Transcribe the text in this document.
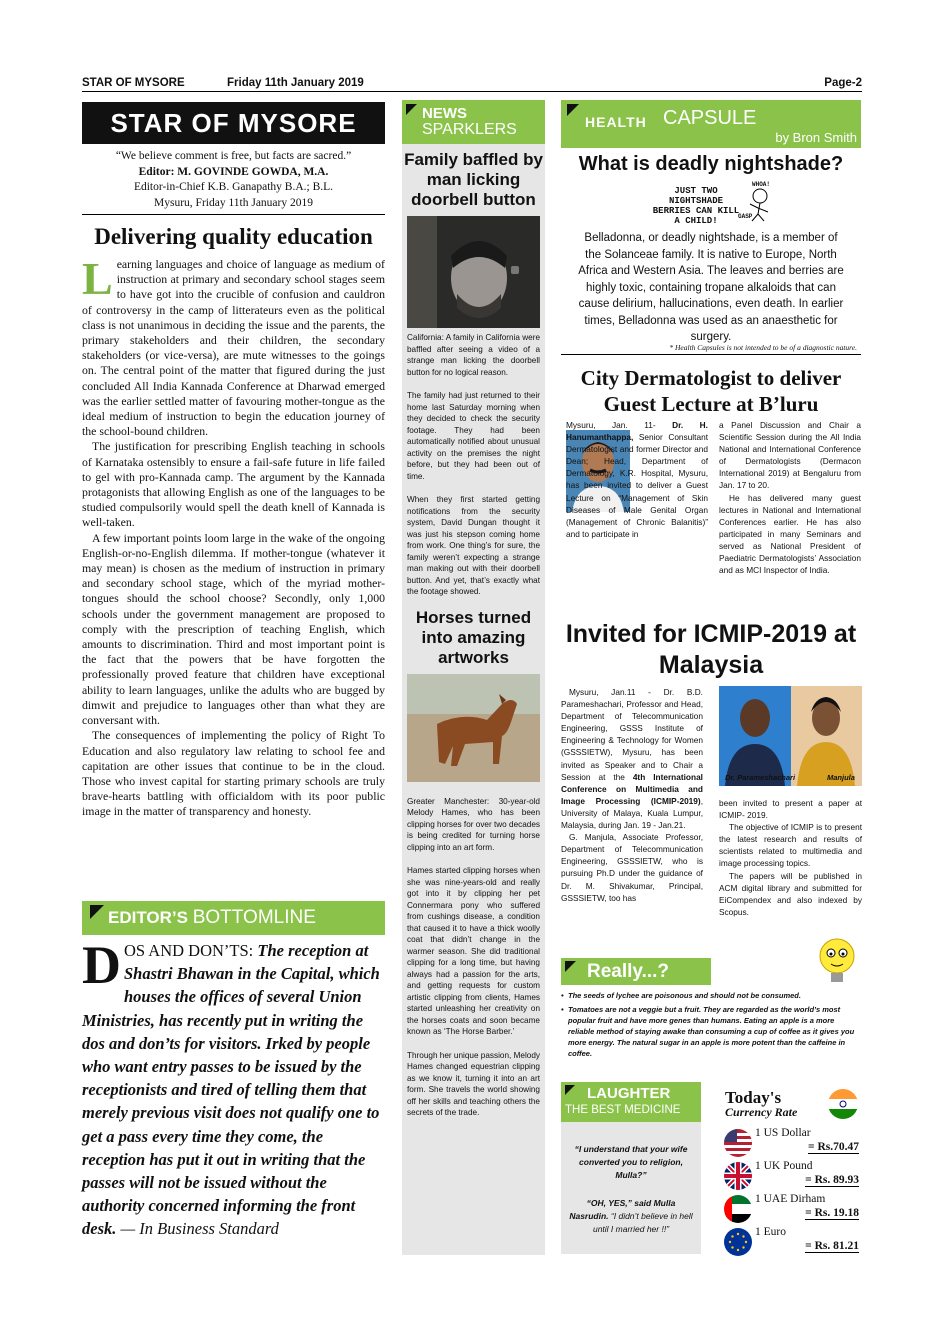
STAR OF MYSORE	Friday 11th January 2019	Page-2
STAR OF MYSORE
“We believe comment is free, but facts are sacred.”
Editor: M. GOVINDE GOWDA, M.A.
Editor-in-Chief K.B. Ganapathy B.A.; B.L.
Mysuru, Friday 11th January 2019
Delivering quality education

Learning languages and choice of language as medium of instruction at primary and secondary school stages seem to have got into the crucible of confusion and cauldron of controversy in the camp of litterateurs even as the political class is not unanimous in deciding the issue and the parents, the primary stakeholders and their children, the secondary stakeholders (or vice-versa), are mute witnesses to the goings on. The central point of the matter that figured during the just concluded All India Kannada Conference at Dharwad emerged was the earlier settled matter of favouring mother-tongue as the ideal medium of instruction to begin the education journey of the school-bound children.

The justification for prescribing English teaching in schools of Karnataka ostensibly to ensure a fail-safe future in life failed to gel with pro-Kannada camp. The argument by the Kannada protagonists that allowing English as one of the languages to be studied compulsorily would spell the death knell of Kannada is well-taken.

A few important points loom large in the wake of the ongoing English-or-no-English dilemma. If mother-tongue (whatever it may mean) is chosen as the medium of instruction in primary and secondary school stage, which of the myriad mother-tongues should the school choose? Secondly, only 1,000 schools under the government management are proposed to comply with the prescription of teaching English, which amounts to discrimination. Third and most important point is the fact that the powers that be have forgotten the professionally proved feature that children have exceptional ability to learn languages, unlike the adults who are bugged by dimwit and prejudice to languages other than what they are conversant with.

The consequences of implementing the policy of Right To Education and also regulatory law relating to school fee and capitation are other issues that continue to be in the cloud. Those who invest capital for starting primary schools are truly brave-hearts battling with officialdom with its poor public image in the matter of transparency and honesty.

EDITOR’S BOTTOMLINE
DOS AND DON’TS: The reception at Shastri Bhawan in the Capital, which houses the offices of several Union Ministries, has recently put in writing the dos and don’ts for visitors. Irked by people who want entry passes to be issued by the receptionists and tired of telling them that merely previous visit does not qualify one to get a pass every time they come, the reception has put it out in writing that the passes will not be issued without the authority concerned informing the front desk. — In Business Standard
NEWS
SPARKLERS
Family baffled by man licking doorbell button
California: A family in California were baffled after seeing a video of a strange man licking the doorbell button for no logical reason.
The family had just returned to their home last Saturday morning when they decided to check the security footage. They had been automatically notified about unusual activity on the premises the night before, but they had been out of time.
When they first started getting notifications from the security system, David Dungan thought it was just his stepson coming home from work. One thing’s for sure, the family weren’t expecting a strange man making out with their doorbell button. And yet, that’s exactly what the footage showed.
Horses turned into amazing artworks
Greater Manchester: 30-year-old Melody Hames, who has been clipping horses for over two decades is being credited for turning horse clipping into an art form.
Hames started clipping horses when she was nine-years-old and really got into it by clipping her pet Connermara pony who suffered from cushings disease, a condition that caused it to have a thick woolly coat that didn’t change in the warmer season. She did traditional clipping for a long time, but having always had a passion for the arts, and getting requests for custom artistic clipping from clients, Hames started unleashing her creativity on the horses coats and soon became known as ‘The Horse Barber.’
Through her unique passion, Melody Hames changed equestrian clipping as we know it, turning it into an art form. She travels the world showing off her skills and teaching others the secrets of the trade.
HEALTH CAPSULE
by Bron Smith
What is deadly nightshade?
JUST TWO NIGHTSHADE BERRIES CAN KILL A CHILD!
WHOA!
GASP
Belladonna, or deadly nightshade, is a member of the Solanceae family. It is native to Europe, North Africa and Western Asia. The leaves and berries are highly toxic, containing tropane alkaloids that can cause delirium, hallucinations, even death. In earlier times, Belladonna was used as an anaesthetic for surgery.
* Health Capsules is not intended to be of a diagnostic nature.
City Dermatologist to deliver Guest Lecture at B’luru
Mysuru, Jan. 11- Dr. H. Hanumanthappa, Senior Consultant Dermatologist and former Director and Dean; Head, Department of Dermatology, K.R. Hospital, Mysuru, has been invited to deliver a Guest Lecture on “Management of Skin Diseases of Male Genital Organ (Management of Chronic Balanitis)” and to participate in
a Panel Discussion and Chair a Scientific Session during the All India National and International Conference of Dermatologists (Dermacon International 2019) at Bengaluru from Jan. 17 to 20.
He has delivered many guest lectures in National and International Conferences earlier. He has also participated in many Seminars and served as National President of Paediatric Dermatologists’ Association and as MCI Inspector of India.
Invited for ICMIP-2019 at Malaysia
Mysuru, Jan.11 - Dr. B.D. Parameshachari, Professor and Head, Department of Telecommunication Engineering, GSSS Institute of Engineering & Technology for Women (GSSSIETW), Mysuru, has been invited as Speaker and to Chair a Session at the 4th International Conference on Multimedia and Image Processing (ICMIP-2019), University of Malaya, Kuala Lumpur, Malaysia, during Jan. 19 - Jan.21.
G. Manjula, Associate Professor, Department of Telecommunication Engineering, GSSSIETW, who is pursuing Ph.D under the guidance of Dr. M. Shivakumar, Principal, GSSSIETW, too has
Dr. Parameshachari	Manjula
been invited to present a paper at ICMIP- 2019.
The objective of ICMIP is to present the latest research and results of scientists related to multimedia and image processing topics.
The papers will be published in ACM digital library and submitted for EiCompendex and also indexed by Scopus.
Really...?
• The seeds of lychee are poisonous and should not be consumed.
• Tomatoes are not a veggie but a fruit. They are regarded as the world’s most popular fruit and have more genes than humans. Eating an apple is a more reliable method of staying awake than consuming a cup of coffee as it gives you more energy. The natural sugar in an apple is more potent than the caffeine in coffee.
LAUGHTER
THE BEST MEDICINE
“I understand that your wife converted you to religion, Mulla?”
“OH, YES,” said Mulla Nasrudin. “I didn’t believe in hell until I married her !!”
Today's
Currency Rate
1 US Dollar
= Rs.70.47
1 UK Pound
= Rs. 89.93
1 UAE Dirham
= Rs. 19.18
1 Euro
= Rs. 81.21
